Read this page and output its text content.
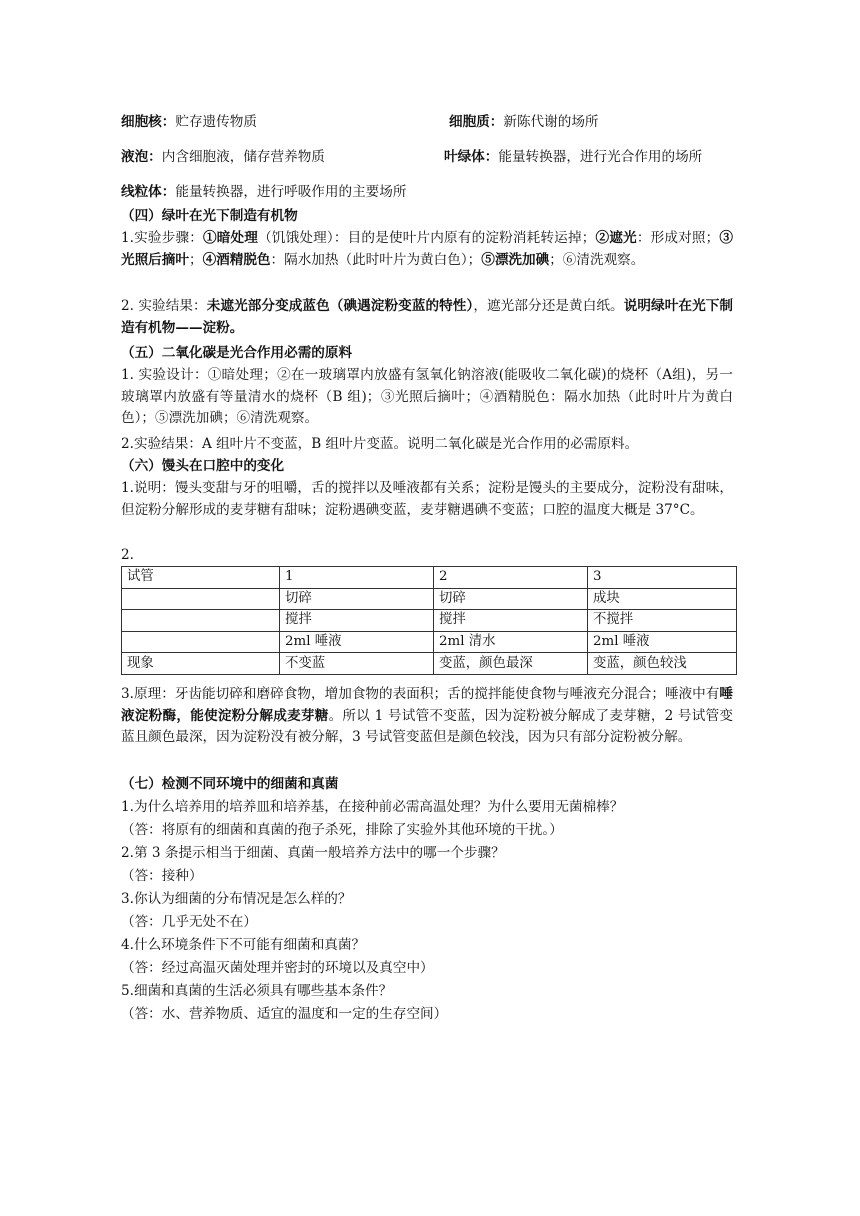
细胞核：贮存遗传物质	细胞质：新陈代谢的场所
液泡：内含细胞液，储存营养物质	叶绿体：能量转换器，进行光合作用的场所
线粒体：能量转换器，进行呼吸作用的主要场所
（四）绿叶在光下制造有机物
1.实验步骤：①暗处理（饥饿处理）：目的是使叶片内原有的淀粉消耗转运掉；②遮光：形成对照；③光照后摘叶；④酒精脱色：隔水加热（此时叶片为黄白色）；⑤漂洗加碘；⑥清洗观察。
2. 实验结果：未遮光部分变成蓝色（碘遇淀粉变蓝的特性），遮光部分还是黄白纸。说明绿叶在光下制造有机物——淀粉。
（五）二氧化碳是光合作用必需的原料
1. 实验设计：①暗处理；②在一玻璃罩内放盛有氢氧化钠溶液(能吸收二氧化碳)的烧杯（A组)，另一玻璃罩内放盛有等量清水的烧杯（B 组)；③光照后摘叶；④酒精脱色：隔水加热（此时叶片为黄白色）；⑤漂洗加碘；⑥清洗观察。
2.实验结果：A 组叶片不变蓝，B 组叶片变蓝。说明二氧化碳是光合作用的必需原料。
（六）馒头在口腔中的变化
1.说明：馒头变甜与牙的咀嚼，舌的搅拌以及唾液都有关系；淀粉是馒头的主要成分，淀粉没有甜味，但淀粉分解形成的麦芽糖有甜味；淀粉遇碘变蓝，麦芽糖遇碘不变蓝；口腔的温度大概是 37°C。
2.
试管	1	2	3
	切碎	切碎	成块
	搅拌	搅拌	不搅拌
	2ml 唾液	2ml 清水	2ml 唾液
现象	不变蓝	变蓝，颜色最深	变蓝，颜色较浅
3.原理：牙齿能切碎和磨碎食物，增加食物的表面积；舌的搅拌能使食物与唾液充分混合；唾液中有唾液淀粉酶，能使淀粉分解成麦芽糖。所以 1 号试管不变蓝，因为淀粉被分解成了麦芽糖，2 号试管变蓝且颜色最深，因为淀粉没有被分解，3 号试管变蓝但是颜色较浅，因为只有部分淀粉被分解。
（七）检测不同环境中的细菌和真菌
1.为什么培养用的培养皿和培养基，在接种前必需高温处理？为什么要用无菌棉棒？
（答：将原有的细菌和真菌的孢子杀死，排除了实验外其他环境的干扰。）
2.第 3 条提示相当于细菌、真菌一般培养方法中的哪一个步骤？
（答：接种）
3.你认为细菌的分布情况是怎么样的？
（答：几乎无处不在）
4.什么环境条件下不可能有细菌和真菌？
（答：经过高温灭菌处理并密封的环境以及真空中）
5.细菌和真菌的生活必须具有哪些基本条件？
（答：水、营养物质、适宜的温度和一定的生存空间）
